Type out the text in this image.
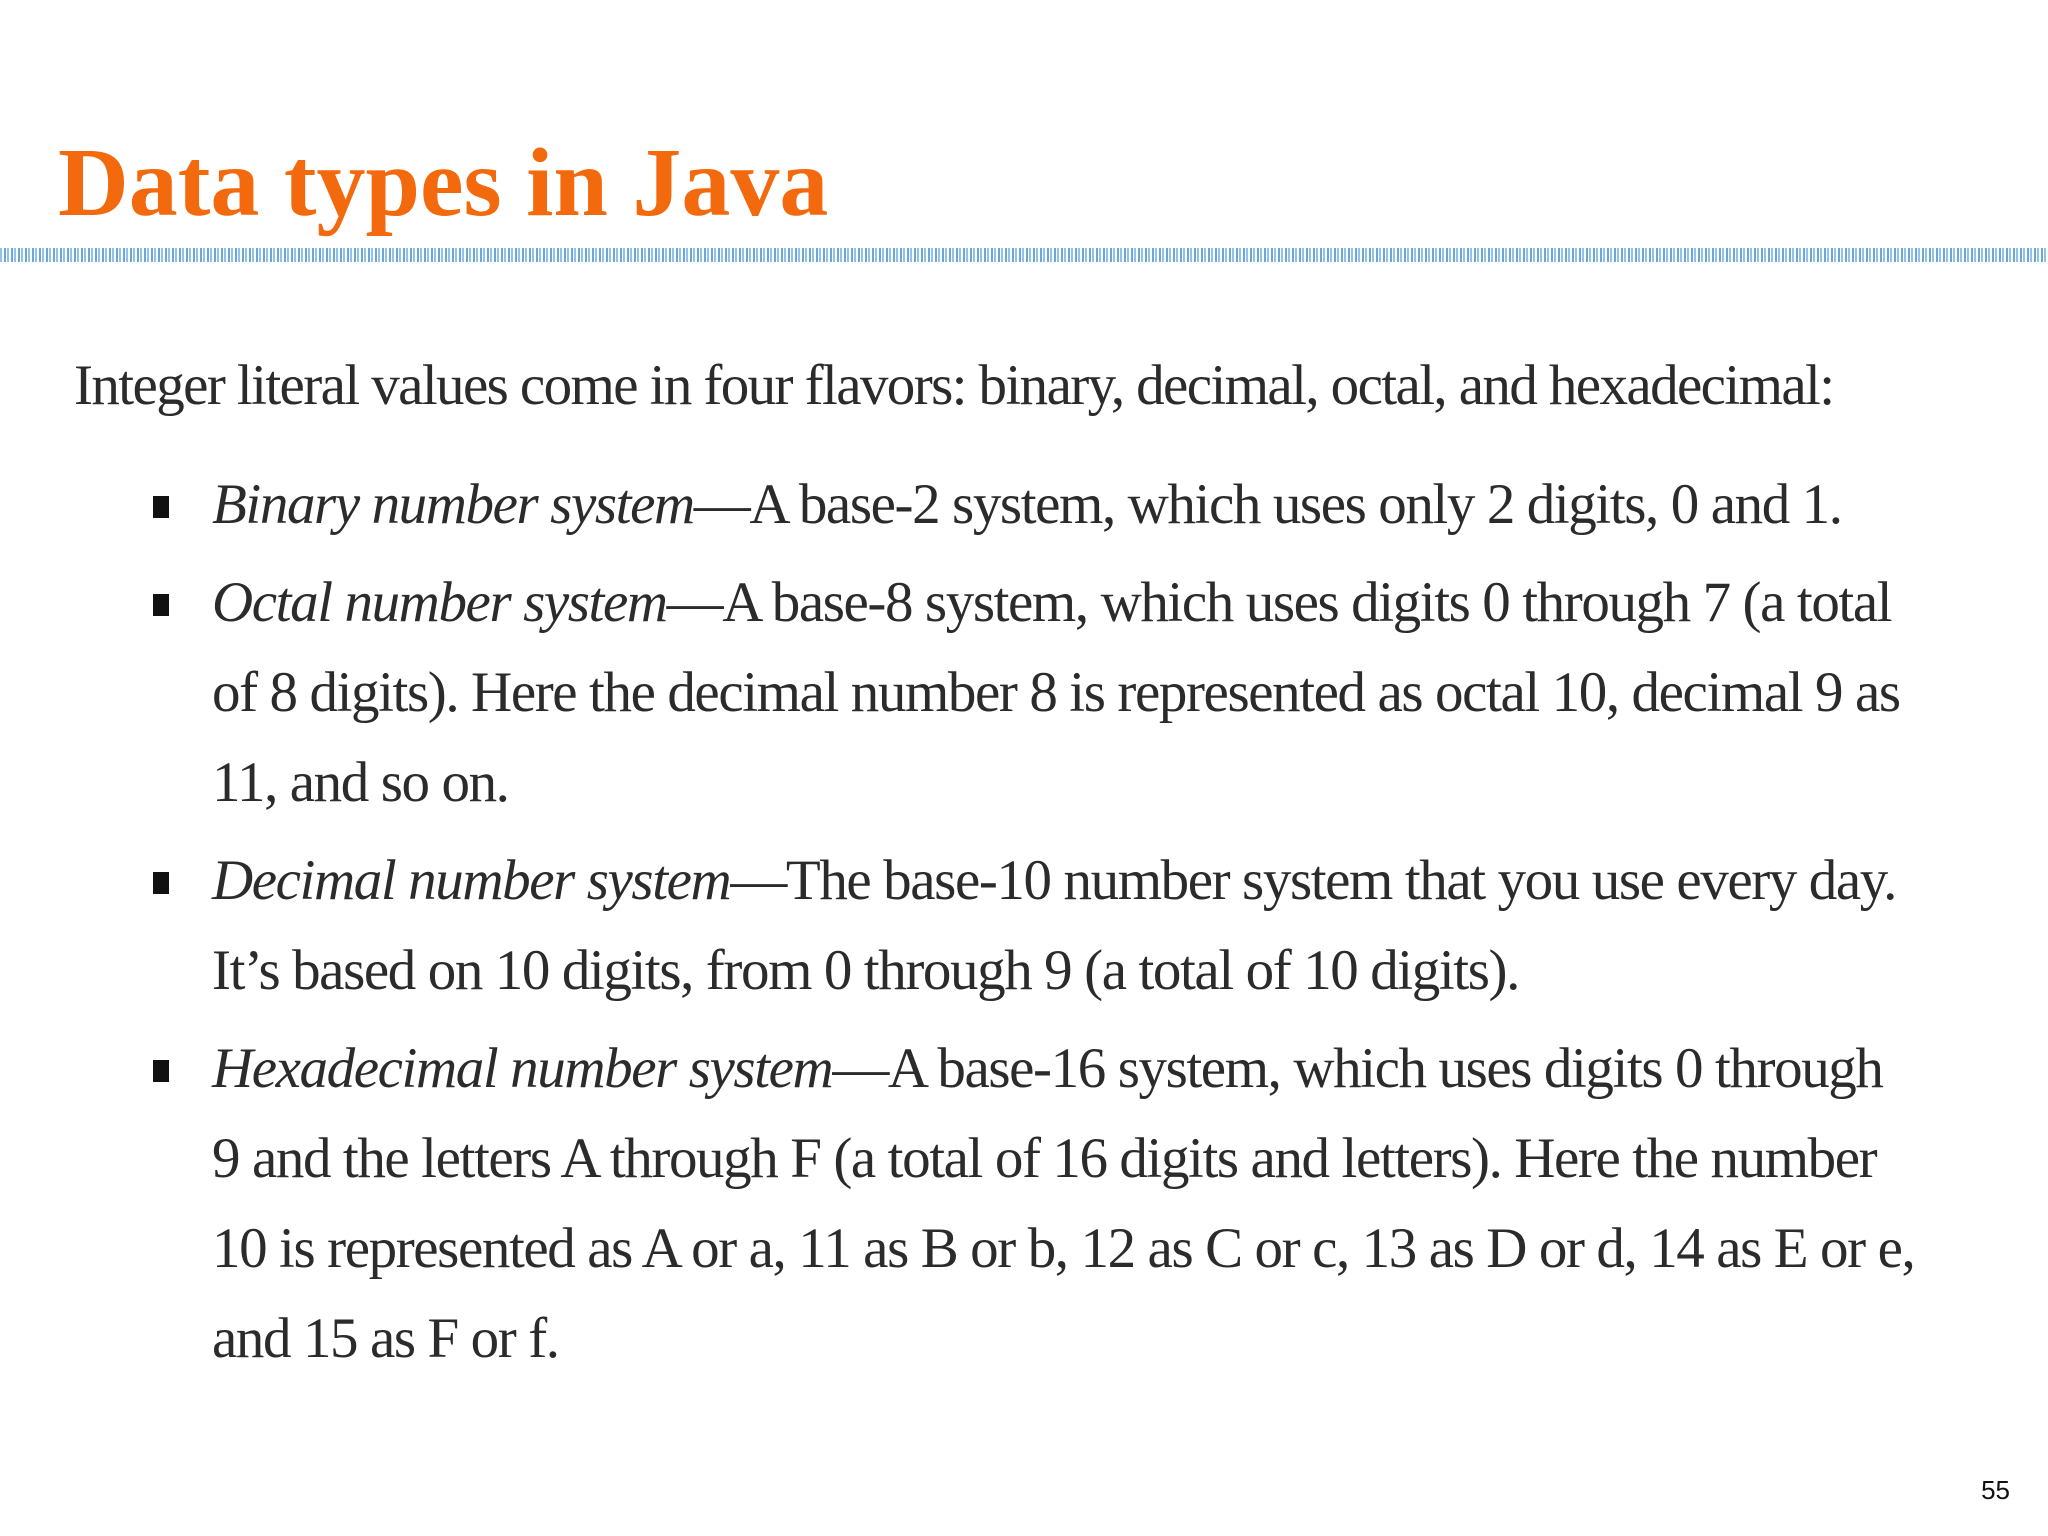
Data types in Java

Integer literal values come in four flavors: binary, decimal, octal, and hexadecimal:

Binary number system—A base-2 system, which uses only 2 digits, 0 and 1.
Octal number system—A base-8 system, which uses digits 0 through 7 (a total of 8 digits). Here the decimal number 8 is represented as octal 10, decimal 9 as 11, and so on.
Decimal number system—The base-10 number system that you use every day. It’s based on 10 digits, from 0 through 9 (a total of 10 digits).
Hexadecimal number system—A base-16 system, which uses digits 0 through 9 and the letters A through F (a total of 16 digits and letters). Here the number 10 is represented as A or a, 11 as B or b, 12 as C or c, 13 as D or d, 14 as E or e, and 15 as F or f.
55
